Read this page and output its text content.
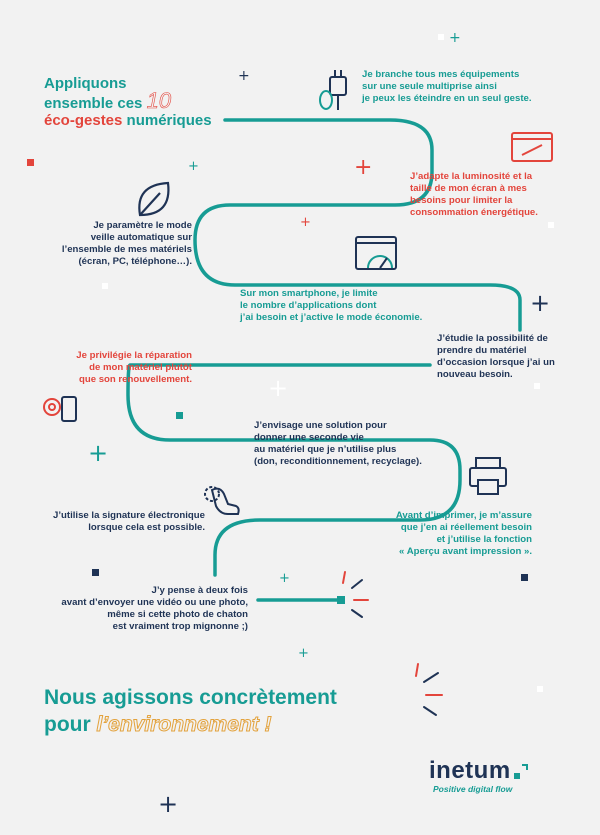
+
+
+
+
+
+
+
+
+
+
+
Appliquons
ensemble ces 10
éco-gestes numériques
Je branche tous mes équipements
sur une seule multiprise ainsi
je peux les éteindre en un seul geste.
J’adapte la luminosité et la
taille de mon écran à mes
besoins pour limiter la
consommation énergétique.
Je paramètre le mode
veille automatique sur
l’ensemble de mes matériels
(écran, PC, téléphone…).
Sur mon smartphone, je limite
le nombre d’applications dont
j’ai besoin et j’active le mode économie.
J’étudie la possibilité de
prendre du matériel
d’occasion lorsque j’ai un
nouveau besoin.
Je privilégie la réparation
de mon matériel plutôt
que son renouvellement.
J’envisage une solution pour
donner une seconde vie
au matériel que je n’utilise plus
(don, reconditionnement, recyclage).
Avant d’imprimer, je m’assure
que j’en ai réellement besoin
et j’utilise la fonction
« Aperçu avant impression ».
J’utilise la signature électronique
lorsque cela est possible.
J’y pense à deux fois
avant d’envoyer une vidéo ou une photo,
même si cette photo de chaton
est vraiment trop mignonne ;)
Nous agissons concrètement
pour l’environnement !
inetum
Positive digital flow
